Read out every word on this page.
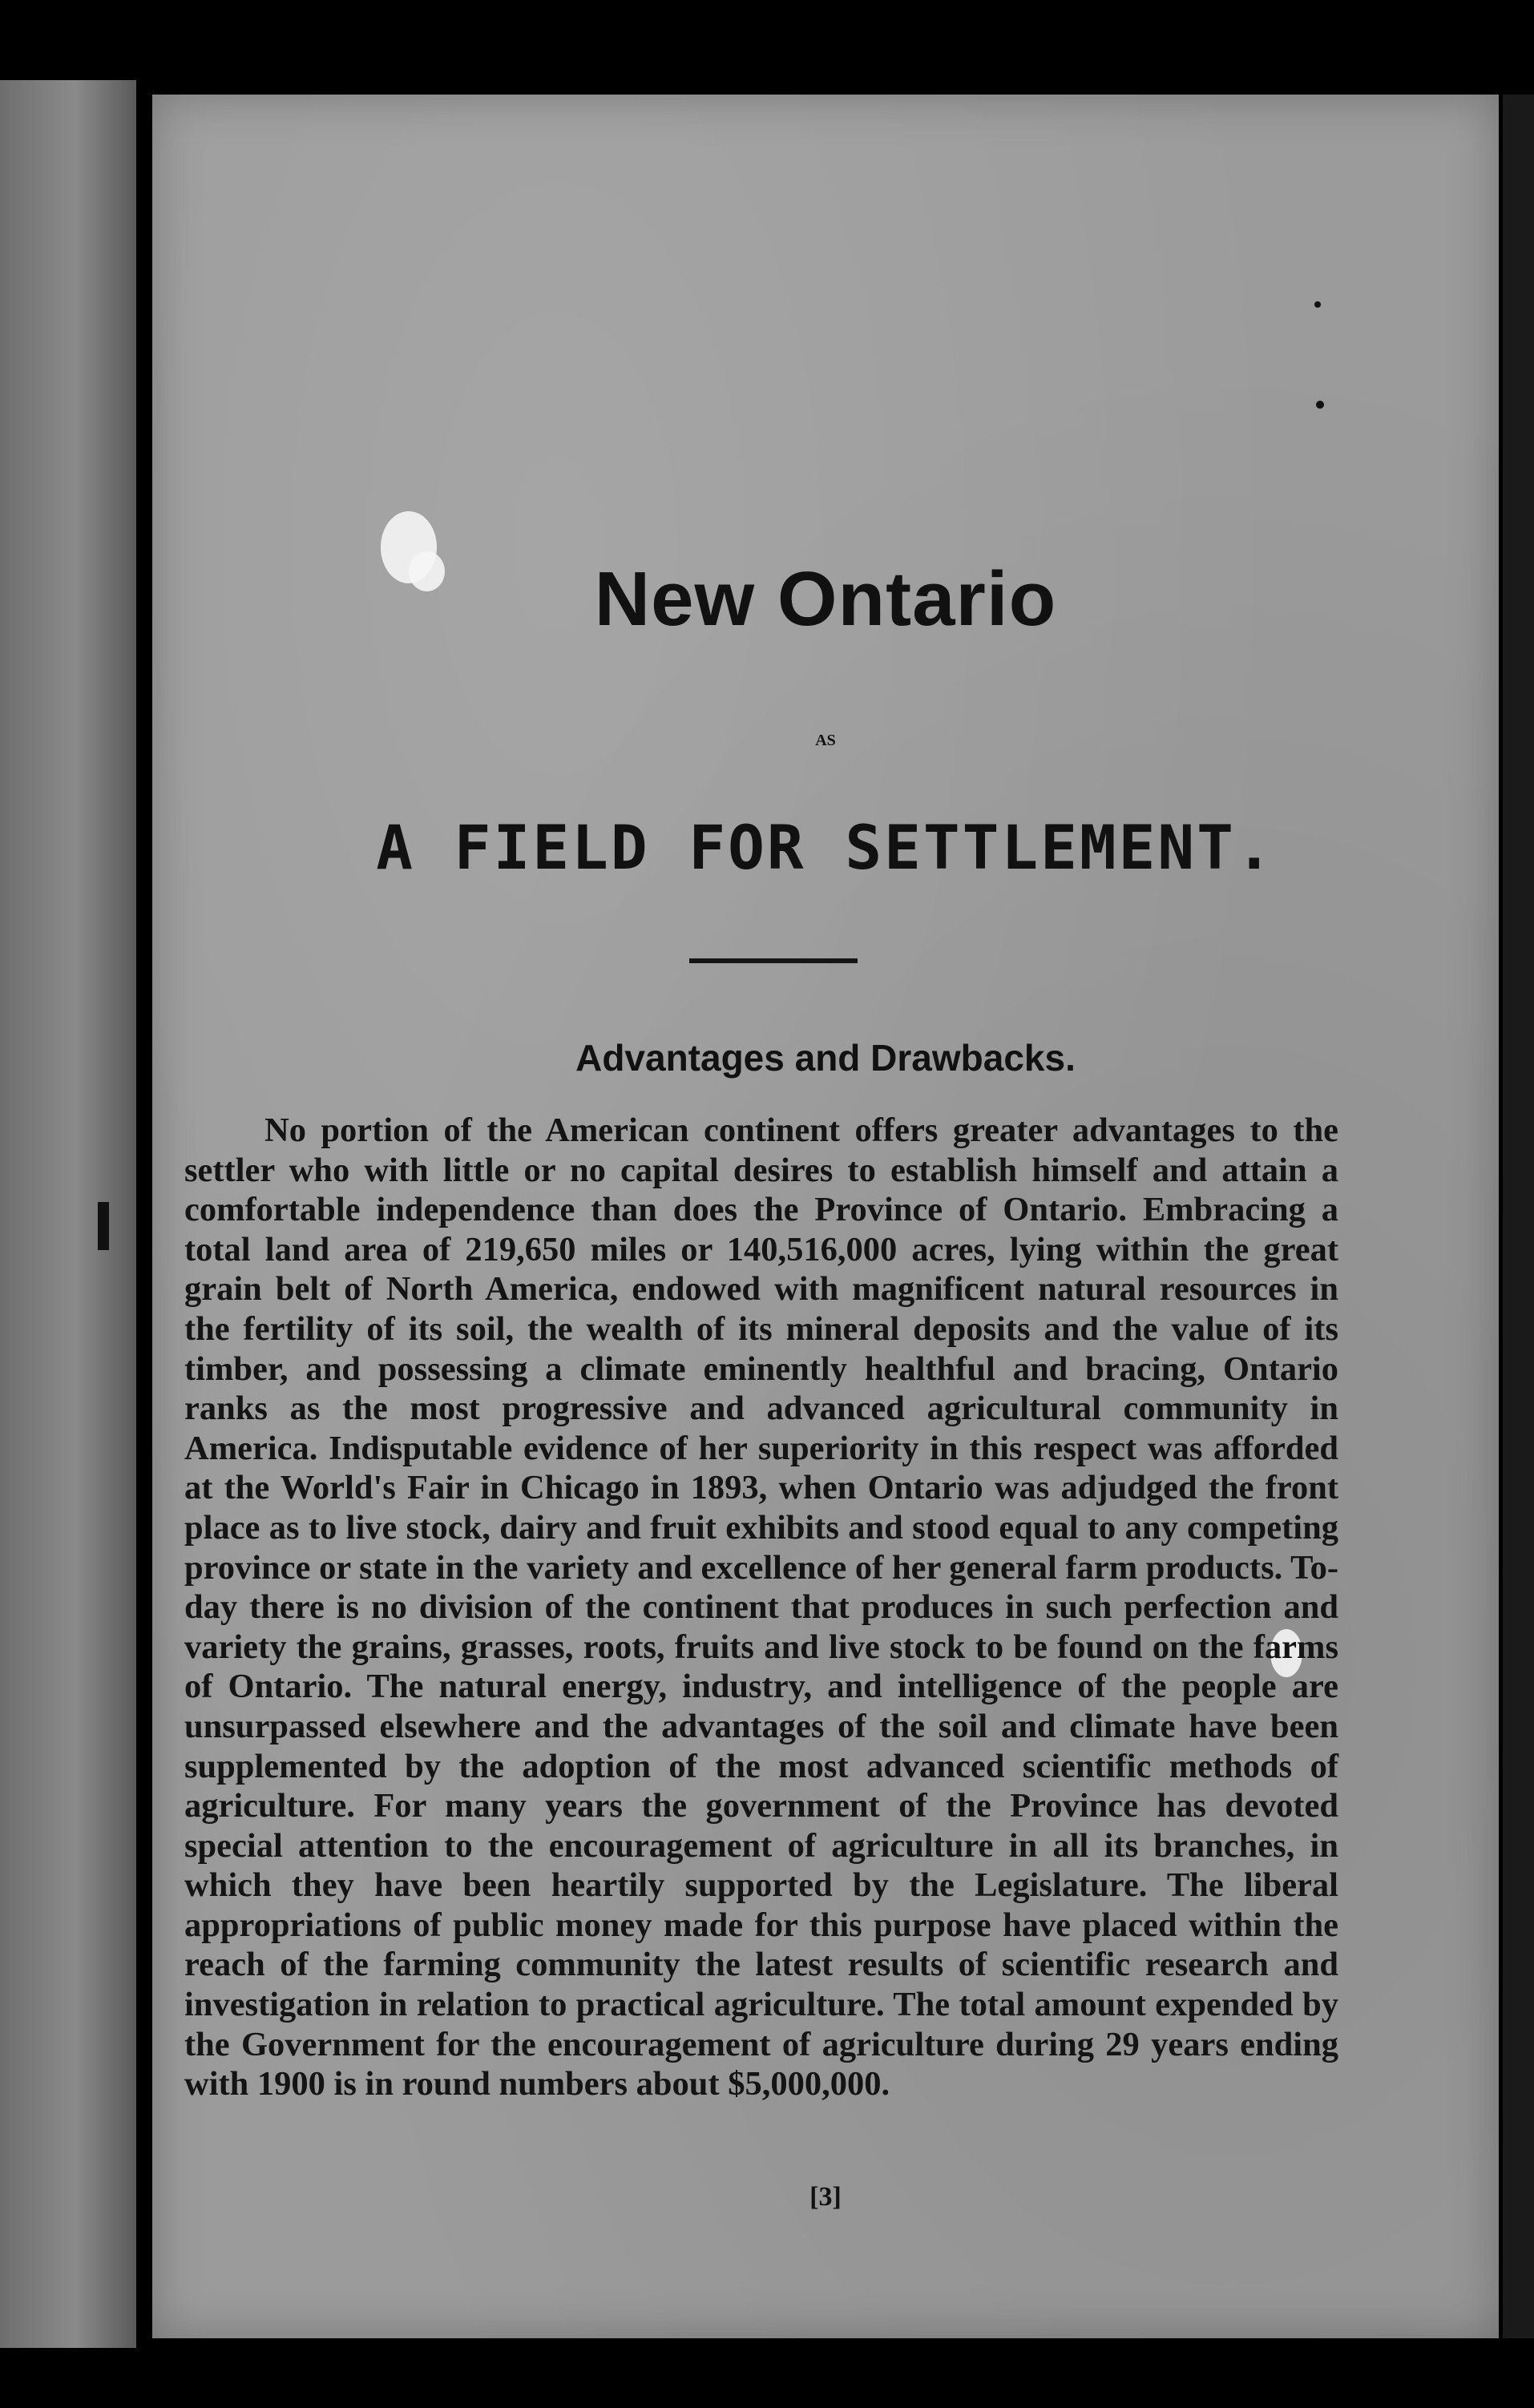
New Ontario
AS
A FIELD FOR SETTLEMENT.
Advantages and Drawbacks.

No portion of the American continent offers greater advantages to the settler who with little or no capital desires to establish himself and attain a comfortable independence than does the Province of Ontario. Embracing a total land area of 219,650 miles or 140,516,000 acres, lying within the great grain belt of North America, endowed with magnificent natural resources in the fertility of its soil, the wealth of its mineral deposits and the value of its timber, and possessing a climate eminently healthful and bracing, Ontario ranks as the most progressive and advanced agricultural community in America. Indisputable evidence of her superiority in this respect was afforded at the World's Fair in Chicago in 1893, when Ontario was adjudged the front place as to live stock, dairy and fruit exhibits and stood equal to any competing province or state in the variety and excellence of her general farm products. To-day there is no division of the continent that produces in such perfection and variety the grains, grasses, roots, fruits and live stock to be found on the farms of Ontario. The natural energy, industry, and intelligence of the people are unsurpassed elsewhere and the advantages of the soil and climate have been supplemented by the adoption of the most advanced scientific methods of agriculture. For many years the government of the Province has devoted special attention to the encouragement of agriculture in all its branches, in which they have been heartily supported by the Legislature. The liberal appropriations of public money made for this purpose have placed within the reach of the farming community the latest results of scientific research and investigation in relation to practical agriculture. The total amount expended by the Government for the encouragement of agriculture during 29 years ending with 1900 is in round numbers about $5,000,000.

[3]
